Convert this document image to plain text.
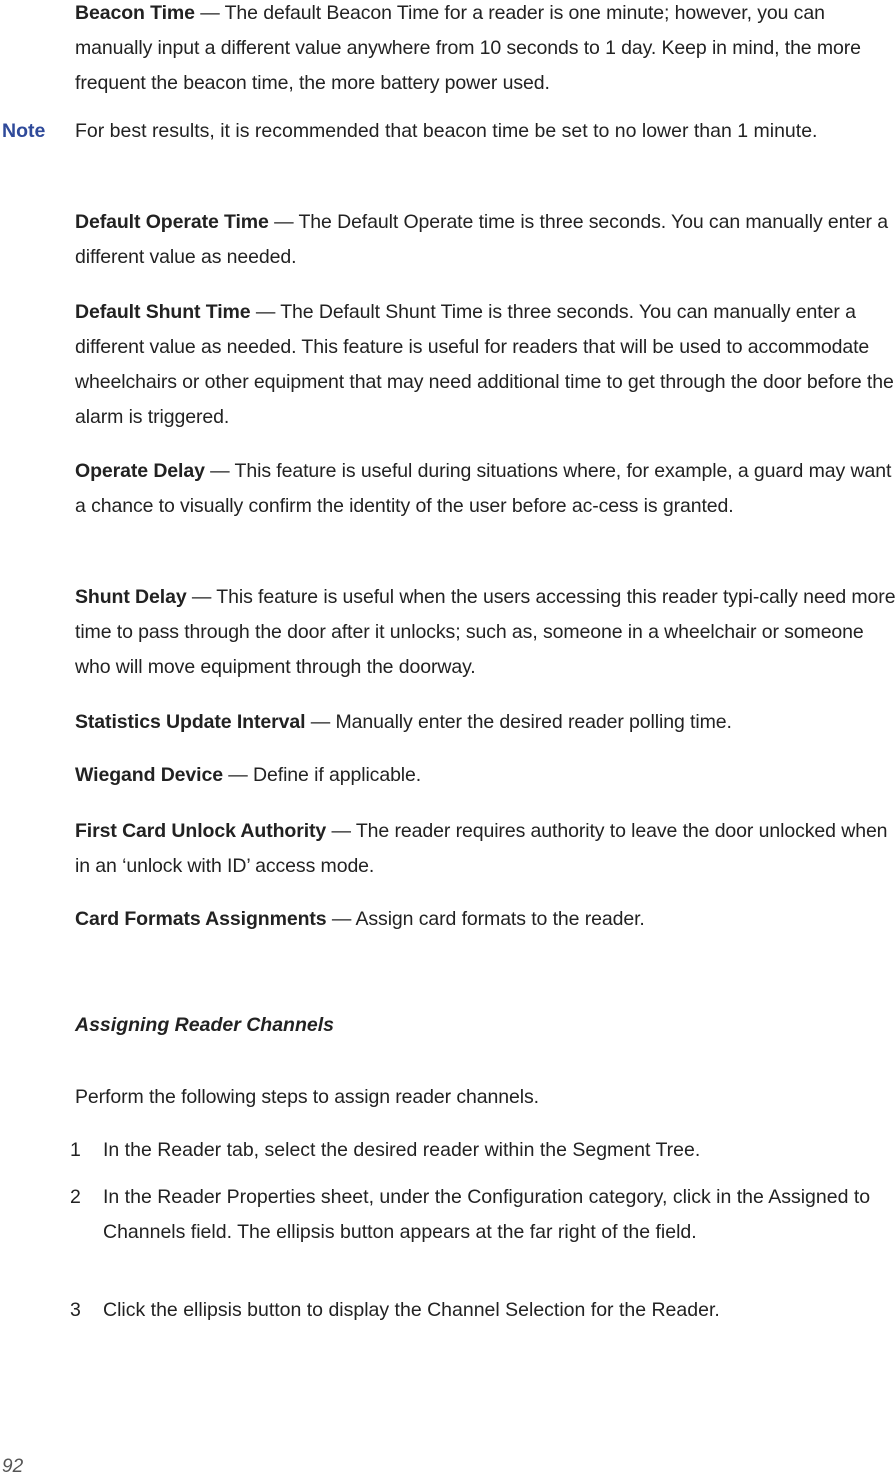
Beacon Time — The default Beacon Time for a reader is one minute; however, you can manually input a different value anywhere from 10 seconds to 1 day. Keep in mind, the more frequent the beacon time, the more battery power used.
Note For best results, it is recommended that beacon time be set to no lower than 1 minute.
Default Operate Time — The Default Operate time is three seconds. You can manually enter a different value as needed.
Default Shunt Time — The Default Shunt Time is three seconds. You can manually enter a different value as needed. This feature is useful for readers that will be used to accommodate wheelchairs or other equipment that may need additional time to get through the door before the alarm is triggered.
Operate Delay — This feature is useful during situations where, for example, a guard may want a chance to visually confirm the identity of the user before ac-cess is granted.
Shunt Delay — This feature is useful when the users accessing this reader typi-cally need more time to pass through the door after it unlocks; such as, someone in a wheelchair or someone who will move equipment through the doorway.
Statistics Update Interval — Manually enter the desired reader polling time.
Wiegand Device — Define if applicable.
First Card Unlock Authority — The reader requires authority to leave the door unlocked when in an ‘unlock with ID’ access mode.
Card Formats Assignments — Assign card formats to the reader.
Assigning Reader Channels
Perform the following steps to assign reader channels.
1 In the Reader tab, select the desired reader within the Segment Tree.
2 In the Reader Properties sheet, under the Configuration category, click in the Assigned to Channels field. The ellipsis button appears at the far right of the field.
3 Click the ellipsis button to display the Channel Selection for the Reader.
92
